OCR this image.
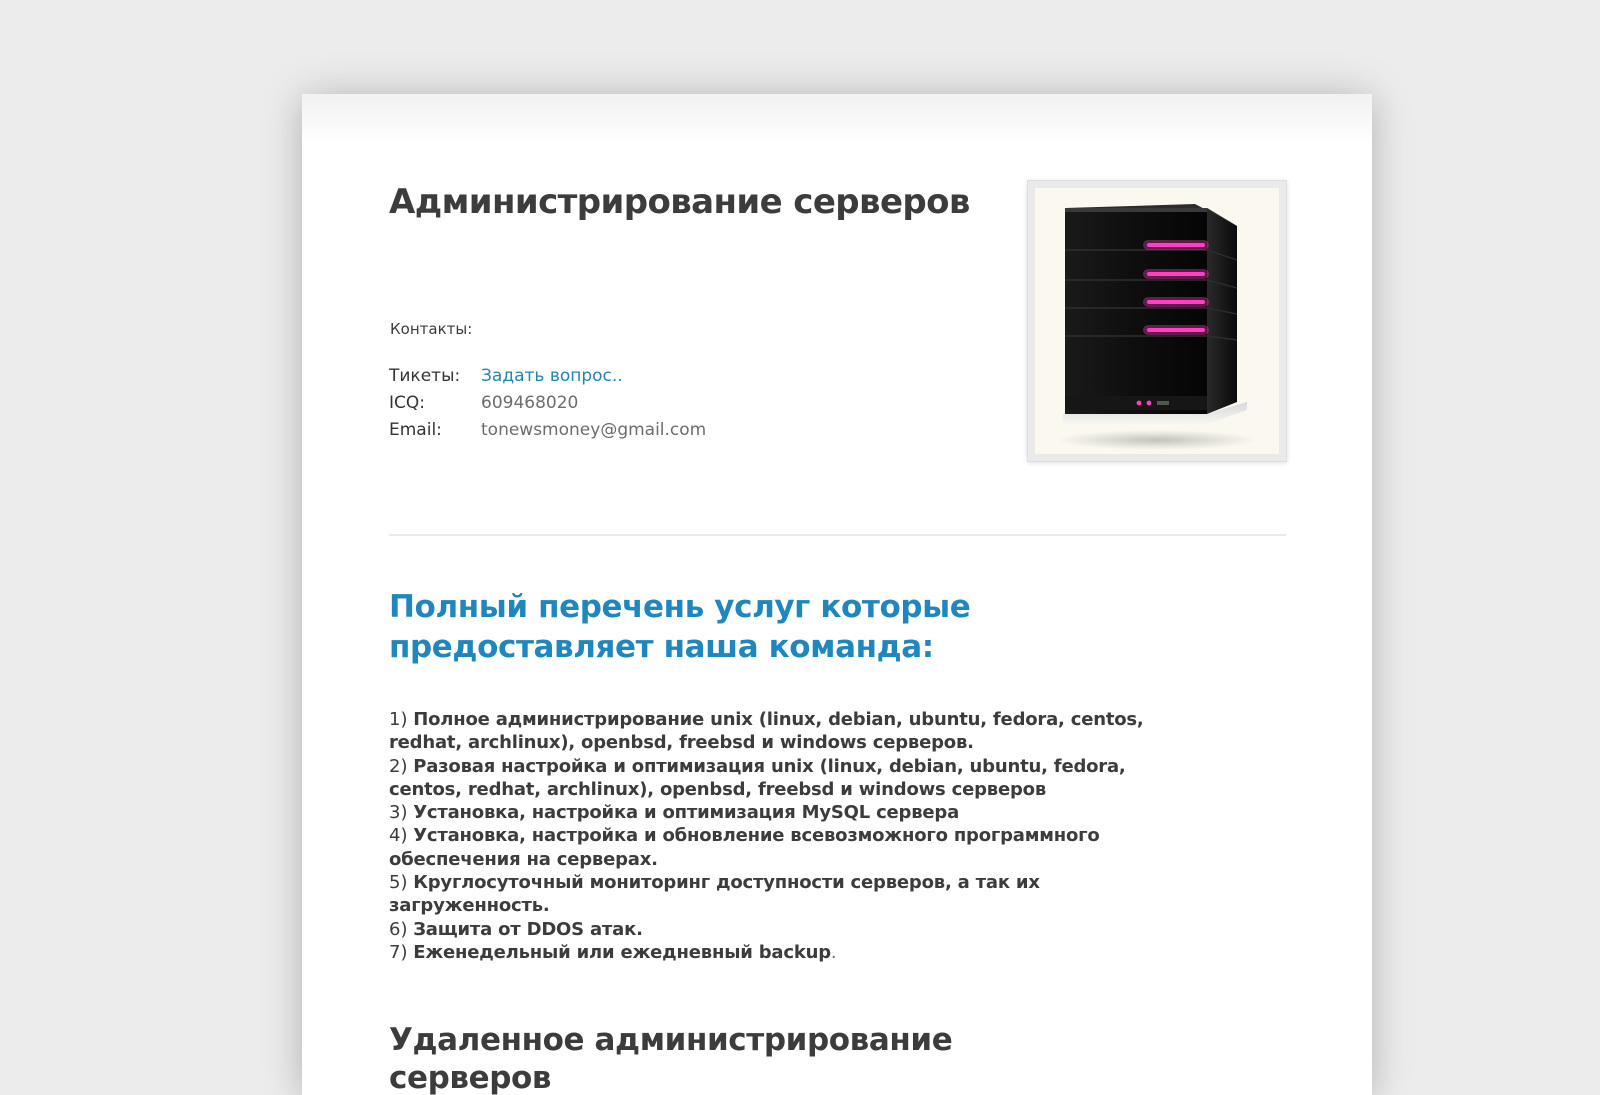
Администрирование серверов
Контакты:
Тикеты:	Задать вопрос..
ICQ:	609468020
Email:	tonewsmoney@gmail.com
Полный перечень услуг которые предоставляет наша команда:
1) Полное администрирование unix (linux, debian, ubuntu, fedora, centos, redhat, archlinux), openbsd, freebsd и windows серверов.
2) Разовая настройка и оптимизация unix (linux, debian, ubuntu, fedora, centos, redhat, archlinux), openbsd, freebsd и windows серверов
3) Установка, настройка и оптимизация MySQL сервера
4) Установка, настройка и обновление всевозможного программного обеспечения на серверах.
5) Круглосуточный мониторинг доступности серверов, а так их загруженность.
6) Защита от DDOS атак.
7) Еженедельный или ежедневный backup.
Удаленное администрирование серверов
